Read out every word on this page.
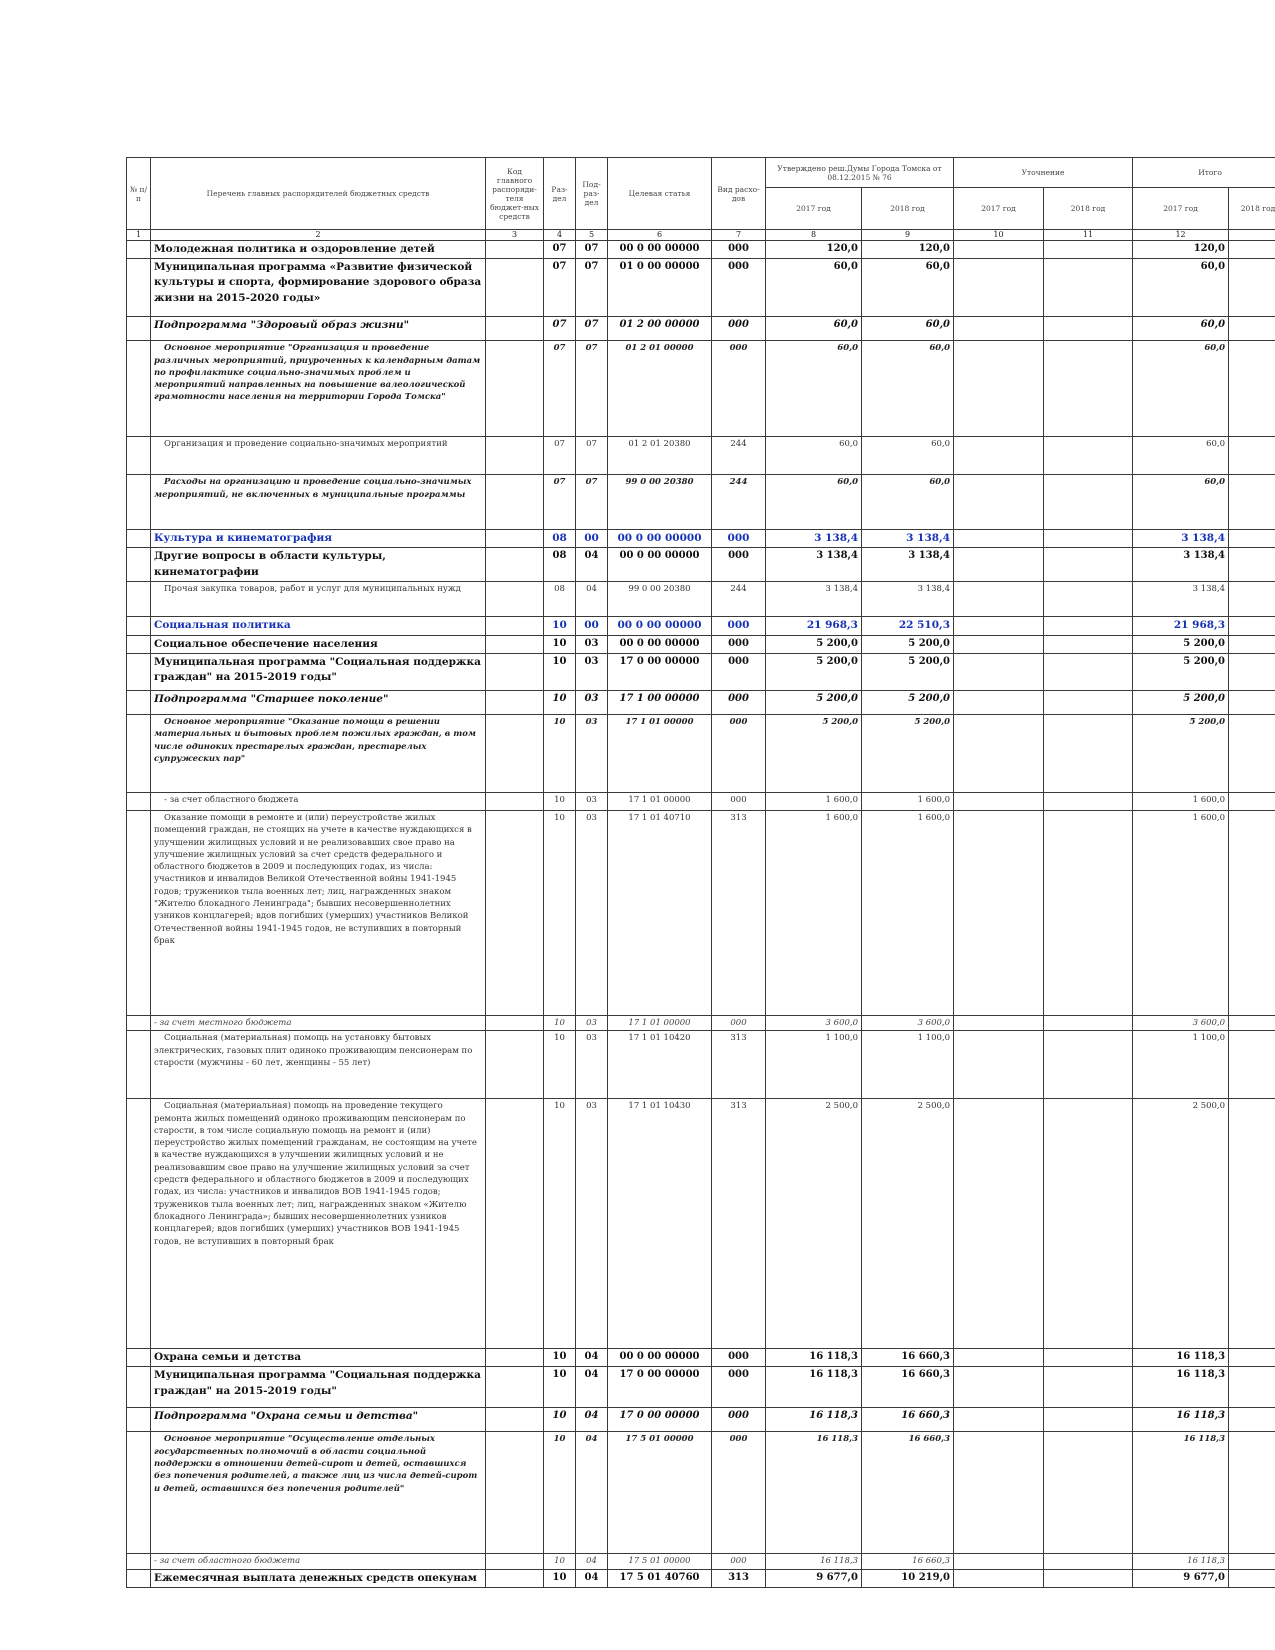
№ п/п	Перечень главных распорядителей бюджетных средств	Код главного распоряди-теля бюджет-ных средств	Раз-дел	Под-раз-дел	Целевая статья	Вид расхо-дов	Утверждено реш.Думы Города Томска от 08.12.2015 № 76		Уточнение		Итого	
							2017 год	2018 год	2017 год	2018 год	2017 год	2018 год
1	2	3	4	5	6	7	8	9	10	11	12	
	Молодежная политика и оздоровление детей		07	07	00 0 00 00000	000	120,0	120,0			120,0	
	Муниципальная программа «Развитие физической культуры и спорта, формирование здорового образа жизни на 2015-2020 годы»		07	07	01 0 00 00000	000	60,0	60,0			60,0	
	Подпрограмма "Здоровый образ жизни"		07	07	01 2 00 00000	000	60,0	60,0			60,0	
	Основное мероприятие "Организация и проведение различных мероприятий, приуроченных к календарным датам по профилактике социально-значимых проблем и мероприятий направленных на повышение валеологической грамотности населения на территории Города Томска"		07	07	01 2 01 00000	000	60,0	60,0			60,0	
	Организация и проведение социально-значимых мероприятий		07	07	01 2 01 20380	244	60,0	60,0			60,0	
	Расходы на организацию и проведение социально-значимых мероприятий, не включенных в муниципальные программы		07	07	99 0 00 20380	244	60,0	60,0			60,0	
	Культура и кинематография		08	00	00 0 00 00000	000	3 138,4	3 138,4			3 138,4	
	Другие вопросы в области культуры, кинематографии		08	04	00 0 00 00000	000	3 138,4	3 138,4			3 138,4	
	Прочая закупка товаров, работ и услуг для муниципальных нужд		08	04	99 0 00 20380	244	3 138,4	3 138,4			3 138,4	
	Социальная политика		10	00	00 0 00 00000	000	21 968,3	22 510,3			21 968,3	
	Социальное обеспечение населения		10	03	00 0 00 00000	000	5 200,0	5 200,0			5 200,0	
	Муниципальная программа "Социальная поддержка граждан" на 2015-2019 годы"		10	03	17 0 00 00000	000	5 200,0	5 200,0			5 200,0	
	Подпрограмма "Старшее поколение"		10	03	17 1 00 00000	000	5 200,0	5 200,0			5 200,0	
	Основное мероприятие "Оказание помощи в решении материальных и бытовых проблем пожилых граждан, в том числе одиноких престарелых граждан, престарелых супружеских пар"		10	03	17 1 01 00000	000	5 200,0	5 200,0			5 200,0	
	- за счет областного бюджета		10	03	17 1 01 00000	000	1 600,0	1 600,0			1 600,0	
	Оказание помощи в ремонте и (или) переустройстве жилых помещений граждан, не стоящих на учете в качестве нуждающихся в улучшении жилищных условий и не реализовавших свое право на улучшение жилищных условий за счет средств федерального и областного бюджетов в 2009 и последующих годах, из числа: участников и инвалидов Великой Отечественной войны 1941-1945 годов; тружеников тыла военных лет; лиц, награжденных знаком "Жителю блокадного Ленинграда"; бывших несовершеннолетних узников концлагерей; вдов погибших (умерших) участников Великой Отечественной войны 1941-1945 годов, не вступивших в повторный брак		10	03	17 1 01 40710	313	1 600,0	1 600,0			1 600,0	
	- за счет местного бюджета		10	03	17 1 01 00000	000	3 600,0	3 600,0			3 600,0	
	Социальная (материальная) помощь на установку бытовых электрических, газовых плит одиноко проживающим пенсионерам по старости (мужчины - 60 лет, женщины - 55 лет)		10	03	17 1 01 10420	313	1 100,0	1 100,0			1 100,0	
	Социальная (материальная) помощь на проведение текущего ремонта жилых помещений одиноко проживающим пенсионерам по старости, в том числе социальную помощь на ремонт и (или) переустройство жилых помещений гражданам, не состоящим на учете в качестве нуждающихся в улучшении жилищных условий и не реализовавшим свое право на улучшение жилищных условий за счет средств федерального и областного бюджетов в 2009 и последующих годах, из числа: участников и инвалидов ВОВ 1941-1945 годов; тружеников тыла военных лет; лиц, награжденных знаком «Жителю блокадного Ленинграда»; бывших несовершеннолетних узников концлагерей; вдов погибших (умерших) участников ВОВ 1941-1945 годов, не вступивших в повторный брак		10	03	17 1 01 10430	313	2 500,0	2 500,0			2 500,0	
	Охрана семьи и детства		10	04	00 0 00 00000	000	16 118,3	16 660,3			16 118,3	
	Муниципальная программа "Социальная поддержка граждан" на 2015-2019 годы"		10	04	17 0 00 00000	000	16 118,3	16 660,3			16 118,3	
	Подпрограмма "Охрана семьи и детства"		10	04	17 0 00 00000	000	16 118,3	16 660,3			16 118,3	
	Основное мероприятие "Осуществление отдельных государственных полномочий в области социальной поддержки в отношении детей-сирот и детей, оставшихся без попечения родителей, а также лиц из числа детей-сирот и детей, оставшихся без попечения родителей"		10	04	17 5 01 00000	000	16 118,3	16 660,3			16 118,3	
	- за счет областного бюджета		10	04	17 5 01 00000	000	16 118,3	16 660,3			16 118,3	
	Ежемесячная выплата денежных средств опекунам		10	04	17 5 01 40760	313	9 677,0	10 219,0			9 677,0	
